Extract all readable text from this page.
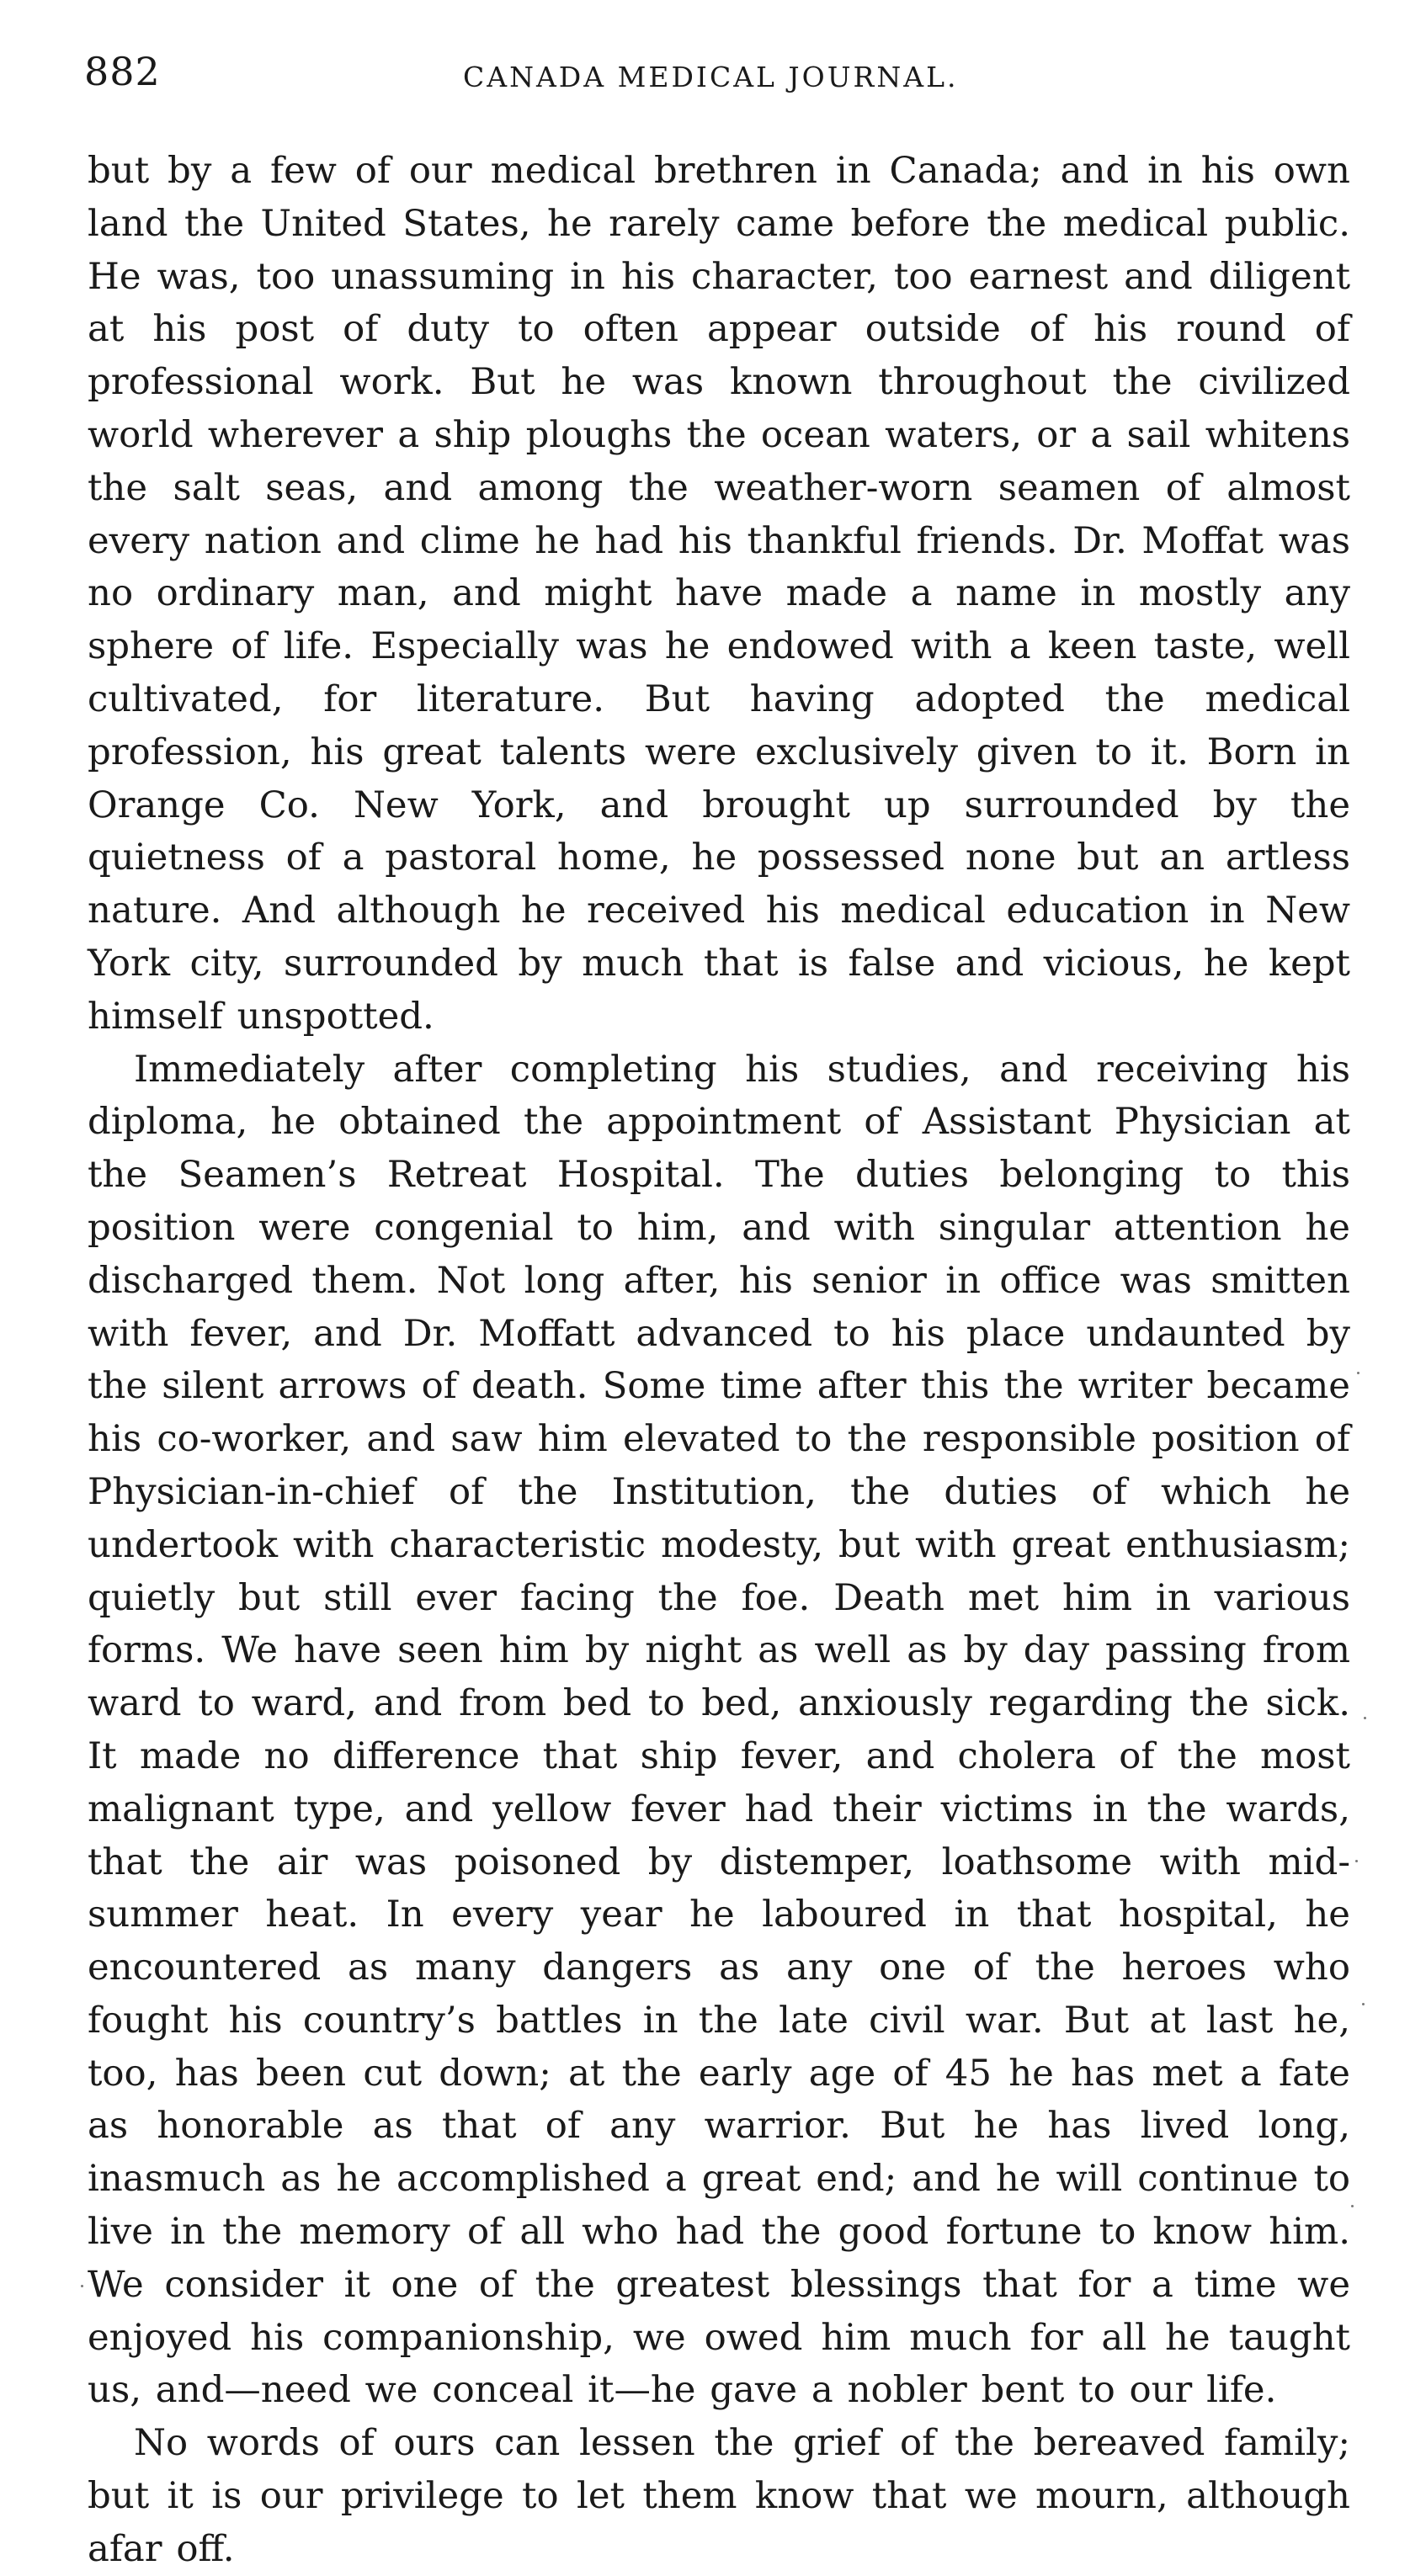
882	CANADA MEDICAL JOURNAL.

but by a few of our medical brethren in Canada; and in his own land the United States, he rarely came before the medical public. He was, too unassuming in his character, too earnest and diligent at his post of duty to often appear outside of his round of professional work. But he was known throughout the civilized world wherever a ship ploughs the ocean waters, or a sail whitens the salt seas, and among the weather-worn seamen of almost every nation and clime he had his thankful friends. Dr. Moffat was no ordinary man, and might have made a name in mostly any sphere of life. Especially was he endowed with a keen taste, well cultivated, for literature. But having adopted the medical profession, his great talents were exclusively given to it. Born in Orange Co. New York, and brought up surrounded by the quietness of a pastoral home, he possessed none but an artless nature. And although he received his medical education in New York city, surrounded by much that is false and vicious, he kept himself unspotted.

Immediately after completing his studies, and receiving his diploma, he obtained the appointment of Assistant Physician at the Seamen’s Retreat Hospital. The duties belonging to this position were congenial to him, and with singular attention he discharged them. Not long after, his senior in office was smitten with fever, and Dr. Moffatt advanced to his place undaunted by the silent arrows of death. Some time after this the writer became his co-worker, and saw him elevated to the responsible position of Physician-in-chief of the Institution, the duties of which he undertook with characteristic modesty, but with great enthusiasm; quietly but still ever facing the foe. Death met him in various forms. We have seen him by night as well as by day passing from ward to ward, and from bed to bed, anxiously regarding the sick. It made no difference that ship fever, and cholera of the most malignant type, and yellow fever had their victims in the wards, that the air was poisoned by distemper, loathsome with mid-summer heat. In every year he laboured in that hospital, he encountered as many dangers as any one of the heroes who fought his country’s battles in the late civil war. But at last he, too, has been cut down; at the early age of 45 he has met a fate as honorable as that of any warrior. But he has lived long, inasmuch as he accomplished a great end; and he will continue to live in the memory of all who had the good fortune to know him. We consider it one of the greatest blessings that for a time we enjoyed his companionship, we owed him much for all he taught us, and—need we conceal it—he gave a nobler bent to our life.

No words of ours can lessen the grief of the bereaved family; but it is our privilege to let them know that we mourn, although afar off.
